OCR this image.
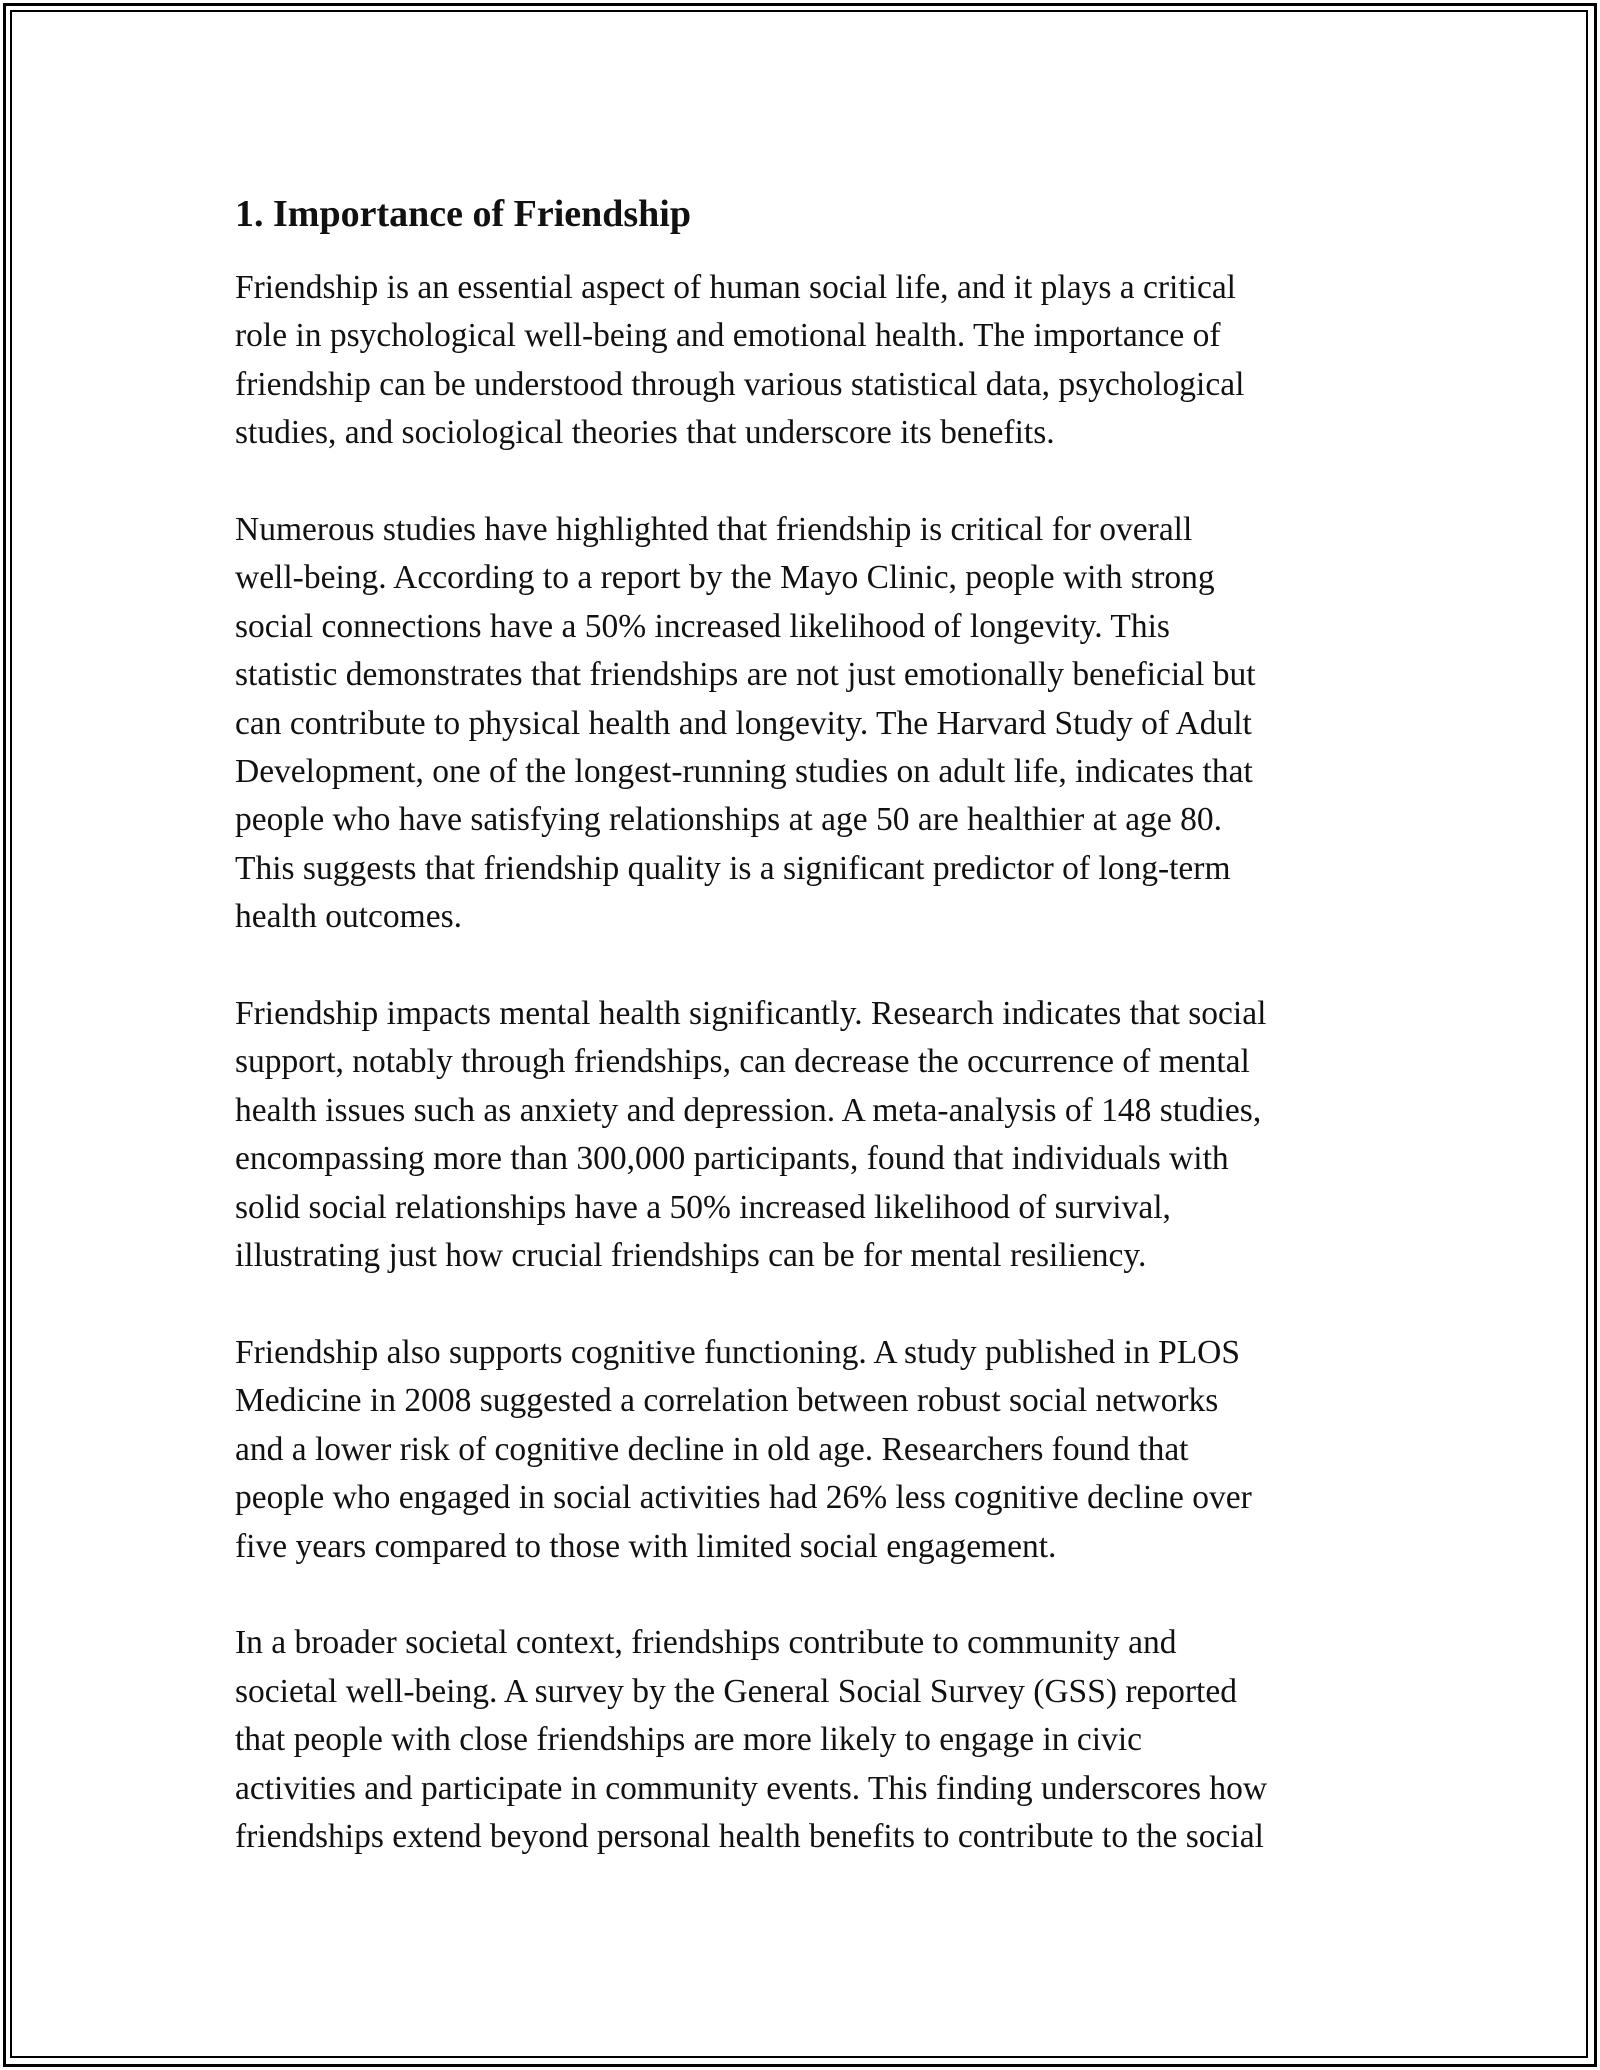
1. Importance of Friendship

Friendship is an essential aspect of human social life, and it plays a critical
role in psychological well-being and emotional health. The importance of
friendship can be understood through various statistical data, psychological
studies, and sociological theories that underscore its benefits.

Numerous studies have highlighted that friendship is critical for overall
well-being. According to a report by the Mayo Clinic, people with strong
social connections have a 50% increased likelihood of longevity. This
statistic demonstrates that friendships are not just emotionally beneficial but
can contribute to physical health and longevity. The Harvard Study of Adult
Development, one of the longest-running studies on adult life, indicates that
people who have satisfying relationships at age 50 are healthier at age 80.
This suggests that friendship quality is a significant predictor of long-term
health outcomes.

Friendship impacts mental health significantly. Research indicates that social
support, notably through friendships, can decrease the occurrence of mental
health issues such as anxiety and depression. A meta-analysis of 148 studies,
encompassing more than 300,000 participants, found that individuals with
solid social relationships have a 50% increased likelihood of survival,
illustrating just how crucial friendships can be for mental resiliency.

Friendship also supports cognitive functioning. A study published in PLOS
Medicine in 2008 suggested a correlation between robust social networks
and a lower risk of cognitive decline in old age. Researchers found that
people who engaged in social activities had 26% less cognitive decline over
five years compared to those with limited social engagement.

In a broader societal context, friendships contribute to community and
societal well-being. A survey by the General Social Survey (GSS) reported
that people with close friendships are more likely to engage in civic
activities and participate in community events. This finding underscores how
friendships extend beyond personal health benefits to contribute to the social
